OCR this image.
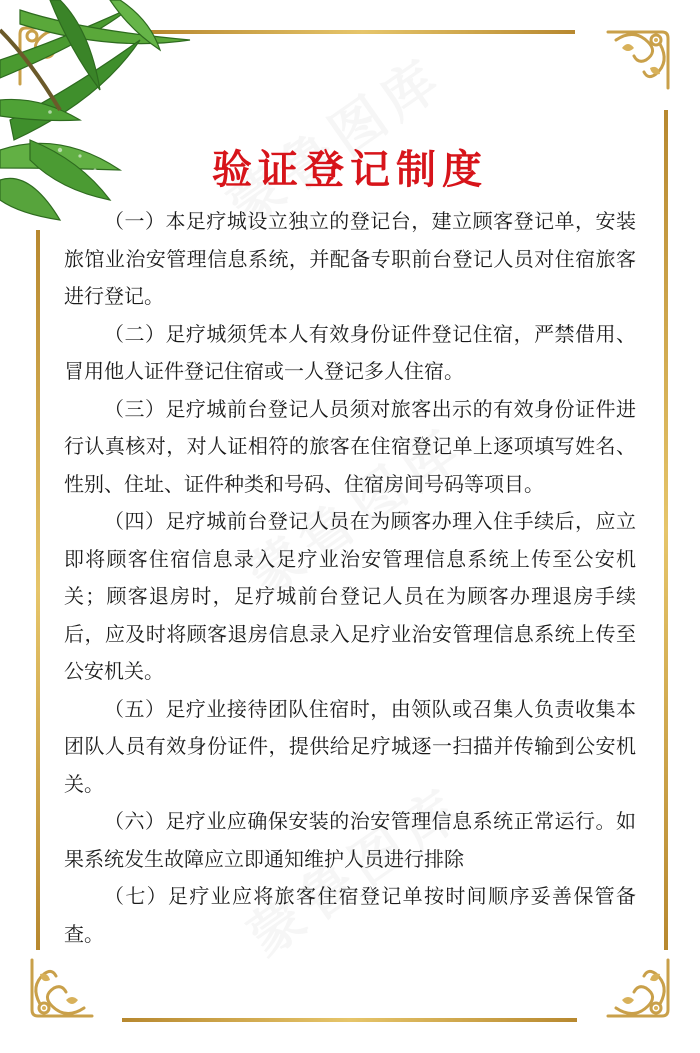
验证登记制度

（一）本足疗城设立独立的登记台，建立顾客登记单，安装旅馆业治安管理信息系统，并配备专职前台登记人员对住宿旅客进行登记。

（二）足疗城须凭本人有效身份证件登记住宿，严禁借用、冒用他人证件登记住宿或一人登记多人住宿。

（三）足疗城前台登记人员须对旅客出示的有效身份证件进行认真核对，对人证相符的旅客在住宿登记单上逐项填写姓名、性别、住址、证件种类和号码、住宿房间号码等项目。

（四）足疗城前台登记人员在为顾客办理入住手续后，应立即将顾客住宿信息录入足疗业治安管理信息系统上传至公安机关；顾客退房时，足疗城前台登记人员在为顾客办理退房手续后，应及时将顾客退房信息录入足疗业治安管理信息系统上传至公安机关。

（五）足疗业接待团队住宿时，由领队或召集人负责收集本团队人员有效身份证件，提供给足疗城逐一扫描并传输到公安机关。

（六）足疗业应确保安装的治安管理信息系统正常运行。如果系统发生故障应立即通知维护人员进行排除

（七）足疗业应将旅客住宿登记单按时间顺序妥善保管备查。
